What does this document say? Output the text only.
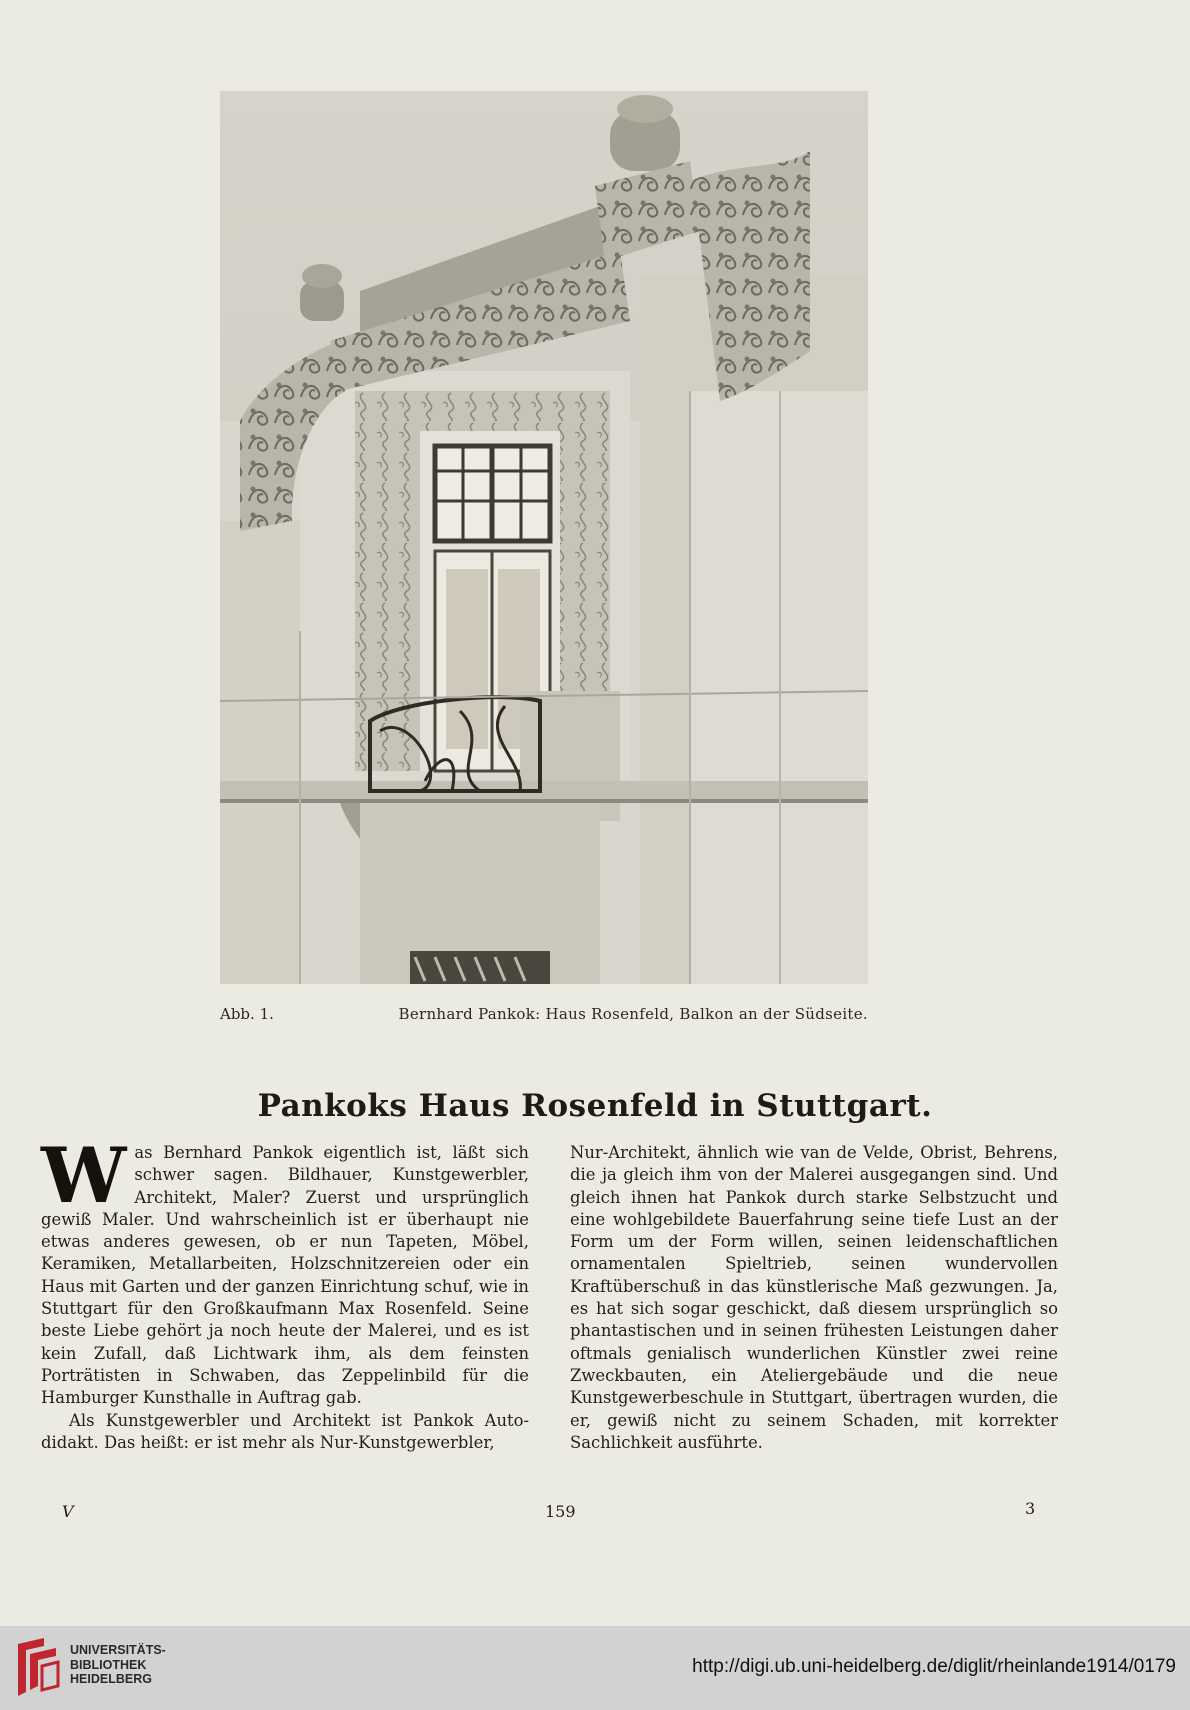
Abb. 1.	Bernhard Pankok: Haus Rosenfeld, Balkon an der Südseite.
Pankoks Haus Rosenfeld in Stuttgart.

Was Bernhard Pankok eigentlich ist, läßt sich schwer sagen. Bildhauer, Kunstgewerbler, Architekt, Maler? Zuerst und ursprünglich gewiß Maler. Und wahrscheinlich ist er überhaupt nie etwas anderes gewesen, ob er nun Tapeten, Möbel, Keramiken, Metallarbeiten, Holzschnitzereien oder ein Haus mit Garten und der ganzen Einrichtung schuf, wie in Stuttgart für den Großkaufmann Max Rosenfeld. Seine beste Liebe gehört ja noch heute der Malerei, und es ist kein Zufall, daß Lichtwark ihm, als dem feinsten Porträtisten in Schwaben, das Zeppelinbild für die Hamburger Kunsthalle in Auftrag gab.

Als Kunstgewerbler und Architekt ist Pankok Auto-didakt. Das heißt: er ist mehr als Nur-Kunstgewerbler,

Nur-Architekt, ähnlich wie van de Velde, Obrist, Behrens, die ja gleich ihm von der Malerei ausgegangen sind. Und gleich ihnen hat Pankok durch starke Selbstzucht und eine wohlgebildete Bauerfahrung seine tiefe Lust an der Form um der Form willen, seinen leidenschaftlichen ornamentalen Spieltrieb, seinen wundervollen Kraftüberschuß in das künstlerische Maß gezwungen. Ja, es hat sich sogar geschickt, daß diesem ursprünglich so phantastischen und in seinen frühesten Leistungen daher oftmals genialisch wunderlichen Künstler zwei reine Zweckbauten, ein Ateliergebäude und die neue Kunstgewerbeschule in Stuttgart, übertragen wurden, die er, gewiß nicht zu seinem Schaden, mit korrekter Sachlichkeit ausführte.

V	159	3
UNIVERSITÄTS-
BIBLIOTHEK
HEIDELBERG
http://digi.ub.uni-heidelberg.de/diglit/rheinlande1914/0179
